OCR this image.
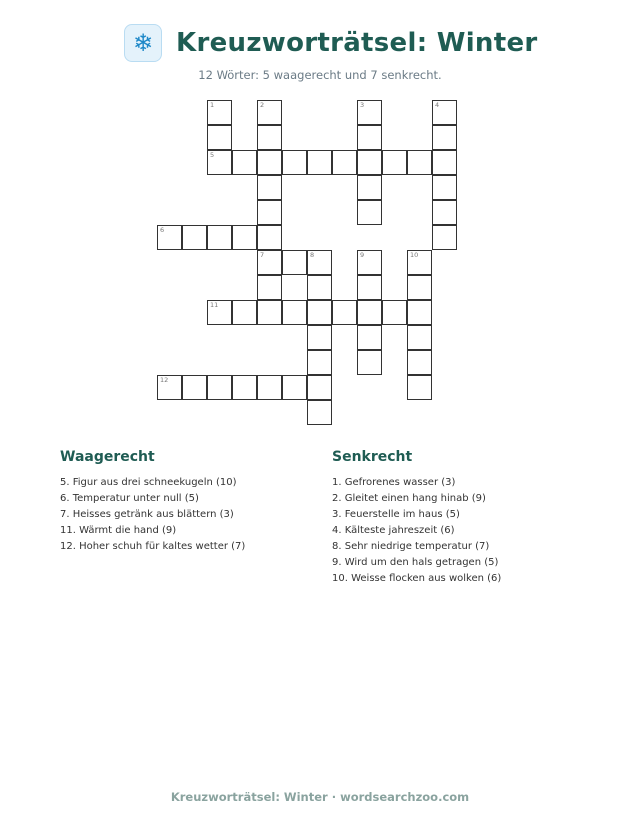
❄ Kreuzworträtsel: Winter
12 Wörter: 5 waagerecht und 7 senkrecht.
1
5
2
7
3	4
6
8	9	10
11
12
Waagerecht
5. Figur aus drei schneekugeln (10)
6. Temperatur unter null (5)
7. Heisses getränk aus blättern (3)
11. Wärmt die hand (9)
12. Hoher schuh für kaltes wetter (7)
Senkrecht
1. Gefrorenes wasser (3)
2. Gleitet einen hang hinab (9)
3. Feuerstelle im haus (5)
4. Kälteste jahreszeit (6)
8. Sehr niedrige temperatur (7)
9. Wird um den hals getragen (5)
10. Weisse flocken aus wolken (6)
Kreuzworträtsel: Winter · wordsearchzoo.com
